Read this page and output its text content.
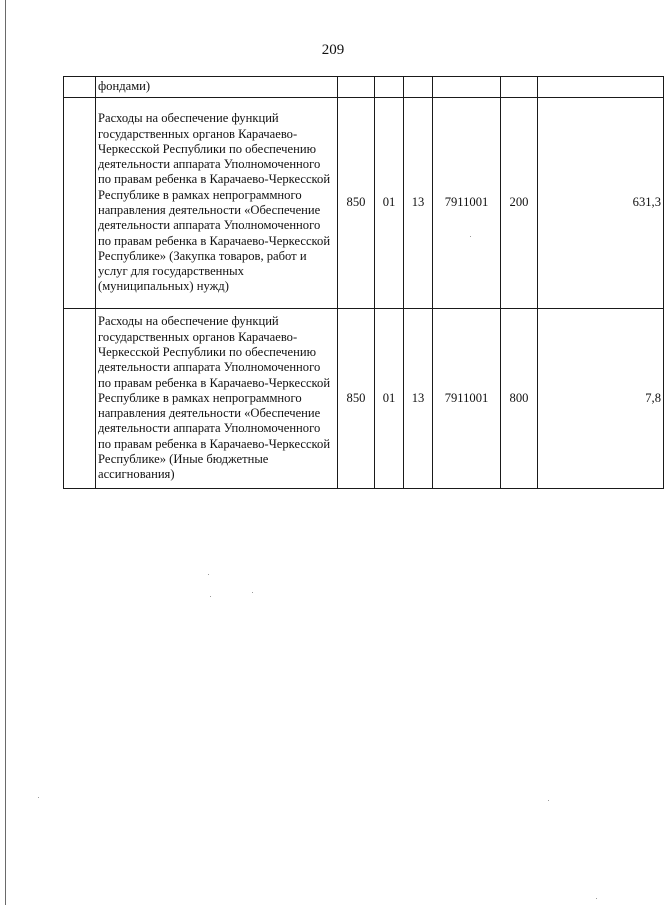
209
	фондами)						
	Расходы на обеспечение функций государственных органов Карачаево-Черкесской Республики по обеспечению деятельности аппарата Уполномоченного по правам ребенка в Карачаево-Черкесской Республике в рамках непрограммного направления деятельности «Обеспечение деятельности аппарата Уполномоченного по правам ребенка в Карачаево-Черкесской Республике» (Закупка товаров, работ и услуг для государственных (муниципальных) нужд)	850	01	13	7911001	200	631,3
	Расходы на обеспечение функций государственных органов Карачаево-Черкесской Республики по обеспечению деятельности аппарата Уполномоченного по правам ребенка в Карачаево-Черкесской Республике в рамках непрограммного направления деятельности «Обеспечение деятельности аппарата Уполномоченного по правам ребенка в Карачаево-Черкесской Республике» (Иные бюджетные ассигнования)	850	01	13	7911001	800	7,8
